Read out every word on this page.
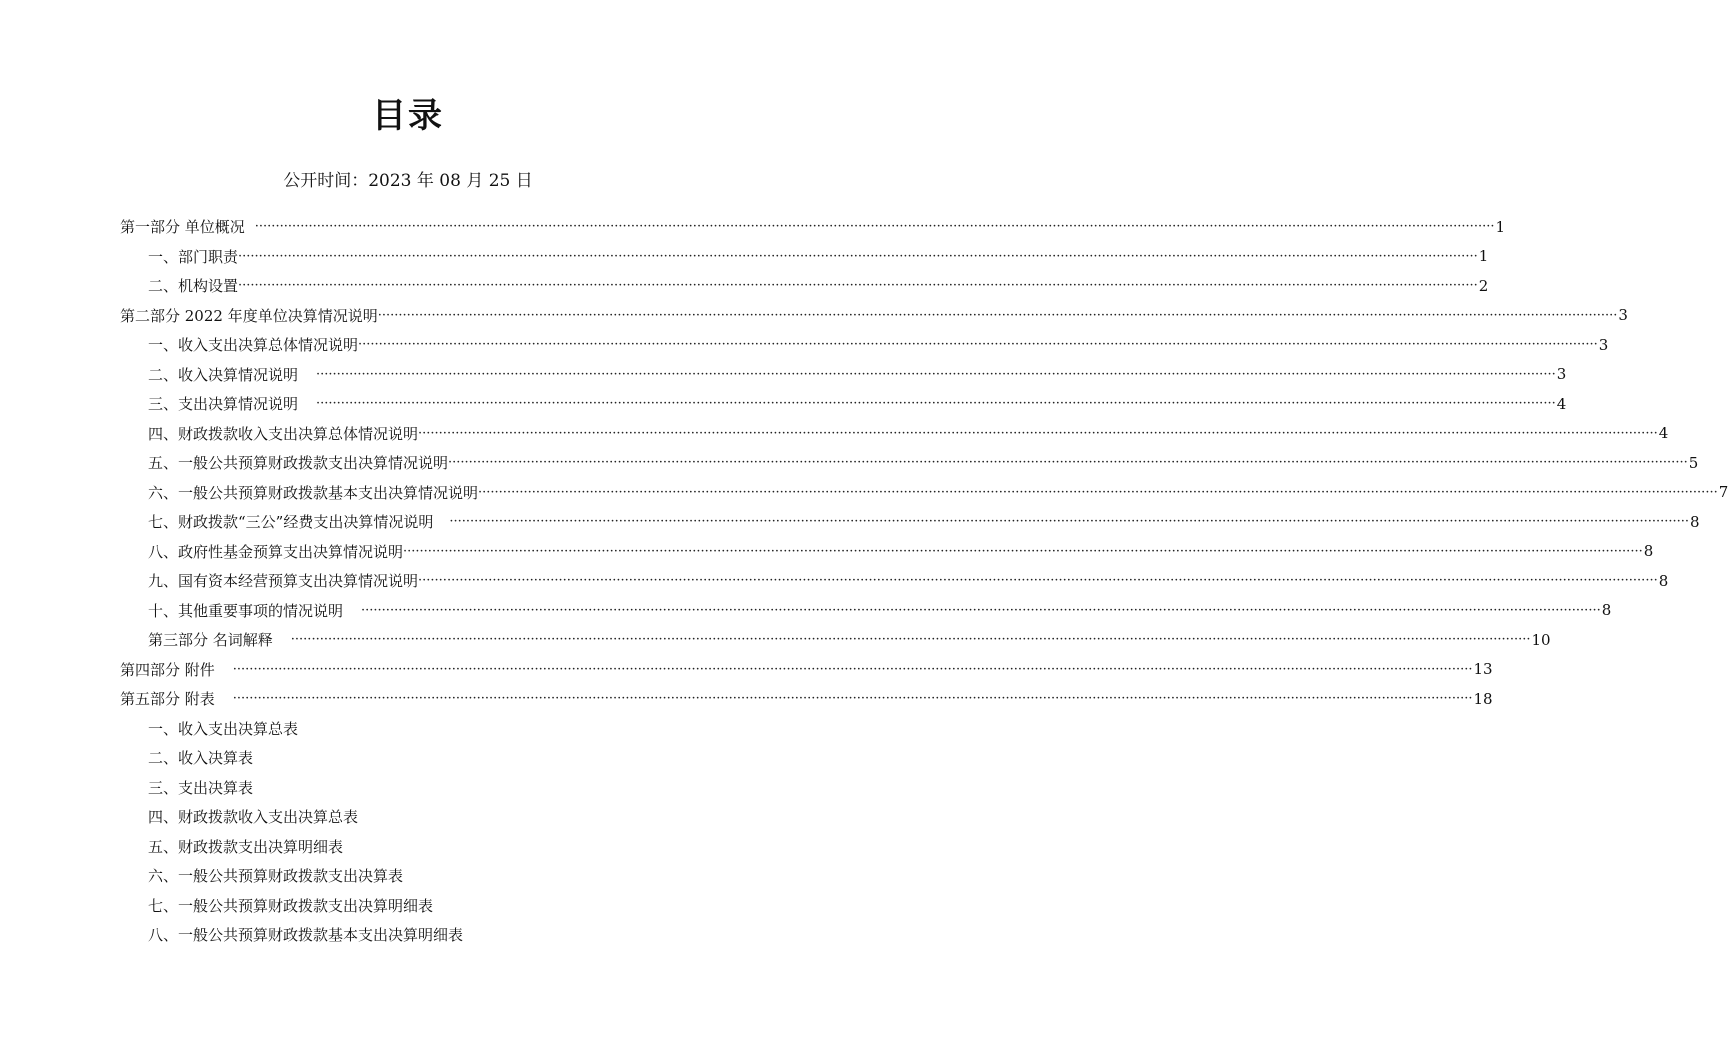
目录
公开时间：2023 年 08 月 25 日
第一部分 单位概况 ············································································································································································································································································································ 1
一、部门职责 ············································································································································································································································································································ 1
二、机构设置 ············································································································································································································································································································ 2
第二部分 2022 年度单位决算情况说明 ············································································································································································································································································································ 3
一、收入支出决算总体情况说明 ············································································································································································································································································································ 3
二、收入决算情况说明 ············································································································································································································································································································ 3
三、支出决算情况说明 ············································································································································································································································································································ 4
四、财政拨款收入支出决算总体情况说明 ············································································································································································································································································································ 4
五、一般公共预算财政拨款支出决算情况说明 ············································································································································································································································································································ 5
六、一般公共预算财政拨款基本支出决算情况说明 ············································································································································································································································································································ 7
七、财政拨款“三公”经费支出决算情况说明 ············································································································································································································································································································ 8
八、政府性基金预算支出决算情况说明 ············································································································································································································································································································ 8
九、国有资本经营预算支出决算情况说明 ············································································································································································································································································································ 8
十、其他重要事项的情况说明 ············································································································································································································································································································ 8
第三部分 名词解释 ············································································································································································································································································································ 10
第四部分 附件 ············································································································································································································································································································ 13
第五部分 附表 ············································································································································································································································································································ 18
一、收入支出决算总表
二、收入决算表
三、支出决算表
四、财政拨款收入支出决算总表
五、财政拨款支出决算明细表
六、一般公共预算财政拨款支出决算表
七、一般公共预算财政拨款支出决算明细表
八、一般公共预算财政拨款基本支出决算明细表
